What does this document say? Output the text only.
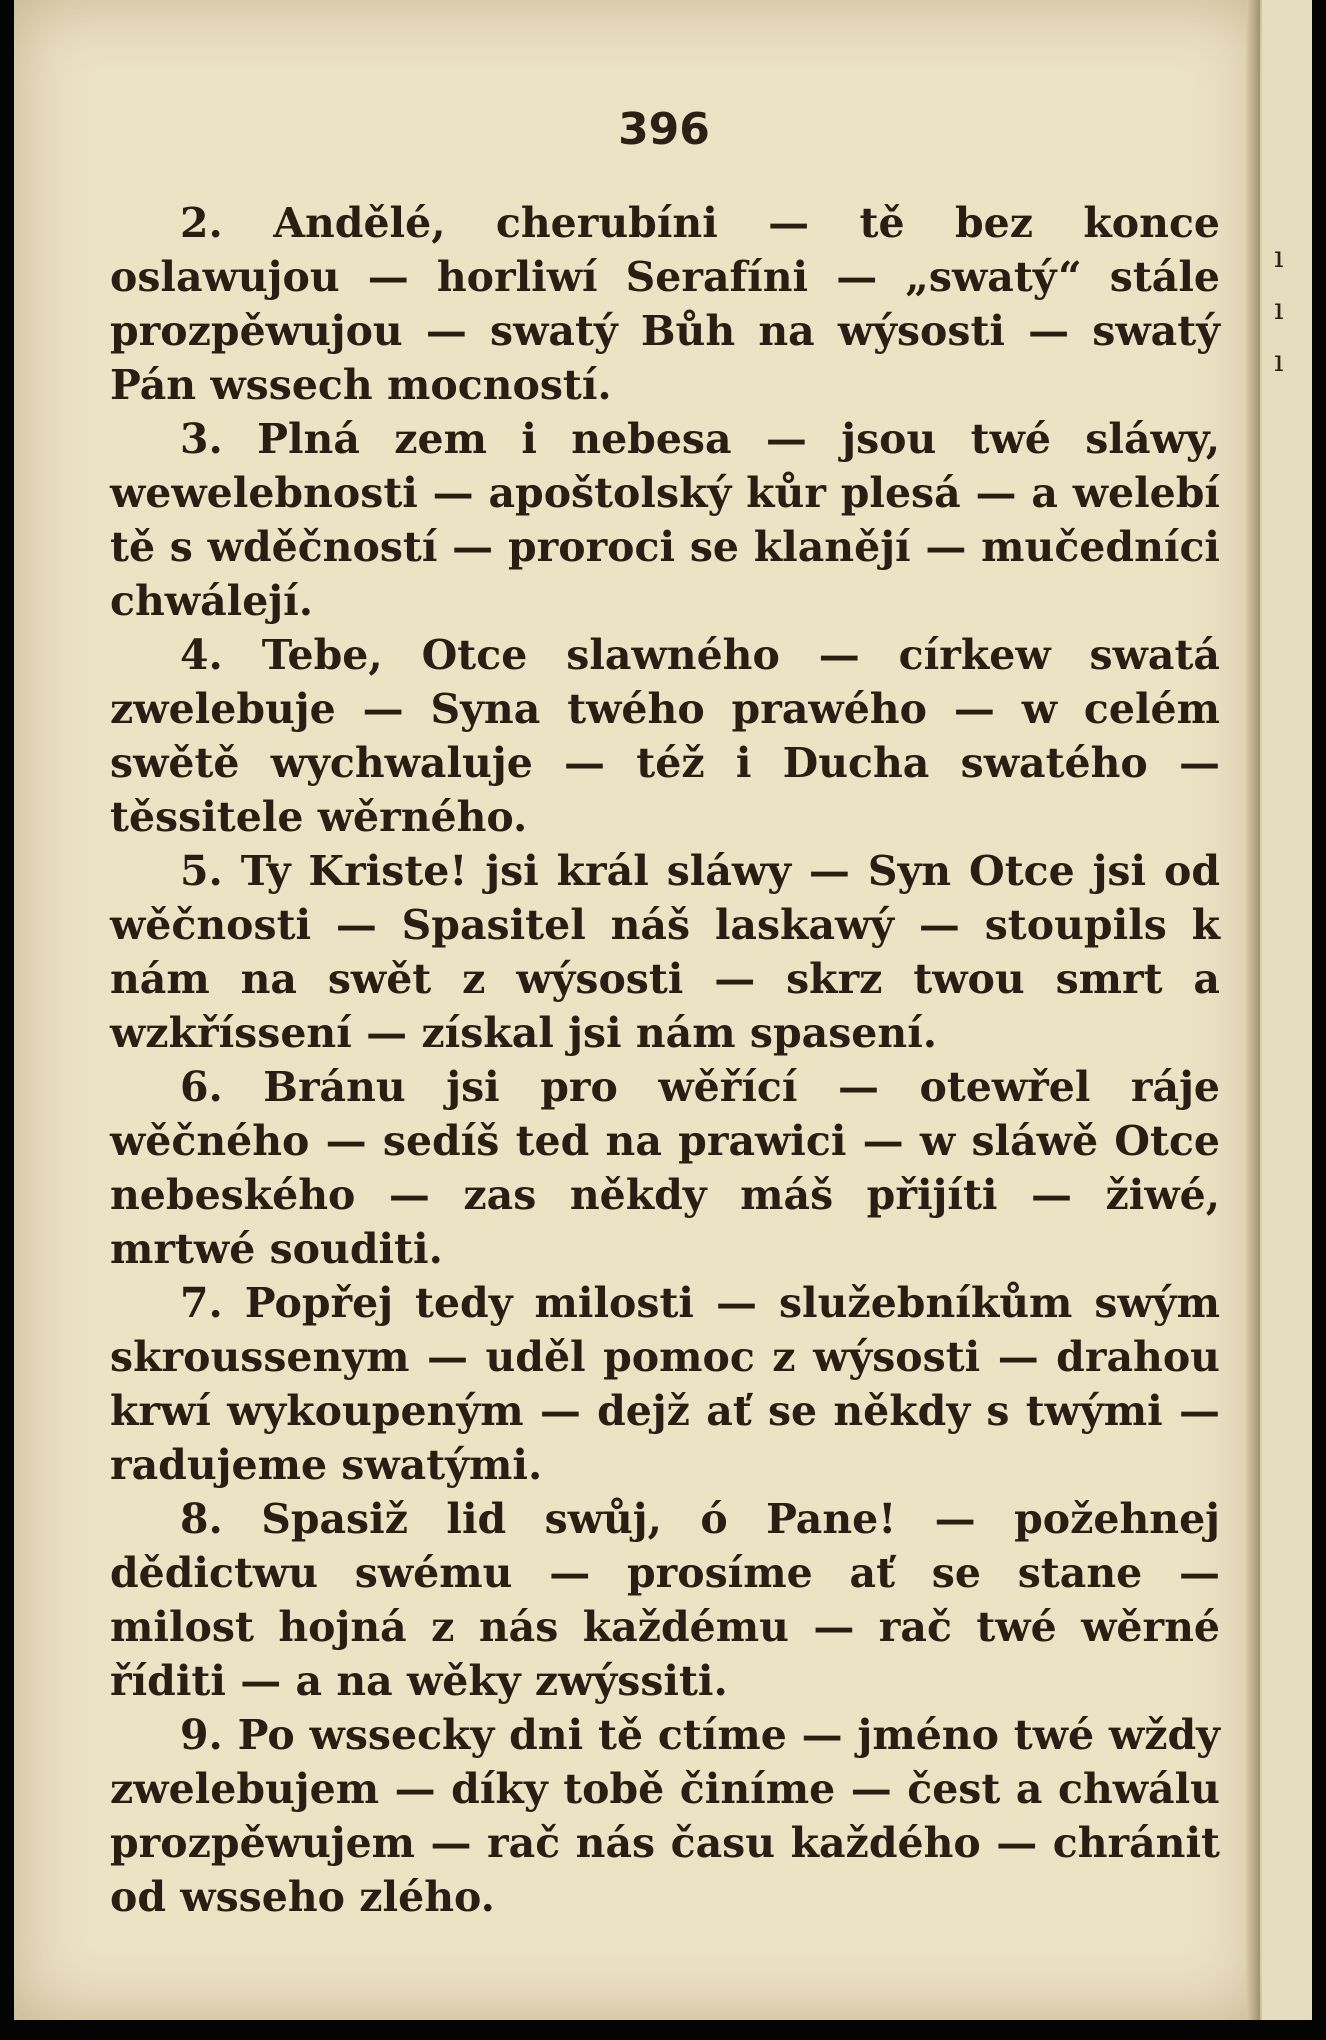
396

2. Andělé, cherubíni — tě bez konce oslawujou — horliwí Serafíni — „swatý“ stále prozpěwujou — swatý Bůh na wýsosti — swatý Pán wssech mocností.

3. Plná zem i nebesa — jsou twé sláwy, wewelebnosti — apoštolský kůr plesá — a welebí tě s wděčností — proroci se klanějí — mučedníci chwálejí.

4. Tebe, Otce slawného — církew swatá zwelebuje — Syna twého prawého — w celém swětě wychwaluje — též i Ducha swatého — těssitele wěrného.

5. Ty Kriste! jsi král sláwy — Syn Otce jsi od wěčnosti — Spasitel náš laskawý — stoupils k nám na swět z wýsosti — skrz twou smrt a wzkříssení — získal jsi nám spasení.

6. Bránu jsi pro wěřící — otewřel ráje wěčného — sedíš ted na prawici — w sláwě Otce nebeského — zas někdy máš přijíti — žiwé, mrtwé souditi.

7. Popřej tedy milosti — služebníkům swým skroussenym — uděl pomoc z wýsosti — drahou krwí wykoupeným — dejž ať se někdy s twými — radujeme swatými.

8. Spasiž lid swůj, ó Pane! — požehnej dědictwu swému — prosíme ať se stane — milost hojná z nás každému — rač twé wěrné říditi — a na wěky zwýssiti.

9. Po wssecky dni tě ctíme — jméno twé wždy zwelebujem — díky tobě činíme — čest a chwálu prozpěwujem — rač nás času každého — chránit od wsseho zlého.

ı
ı
ı
